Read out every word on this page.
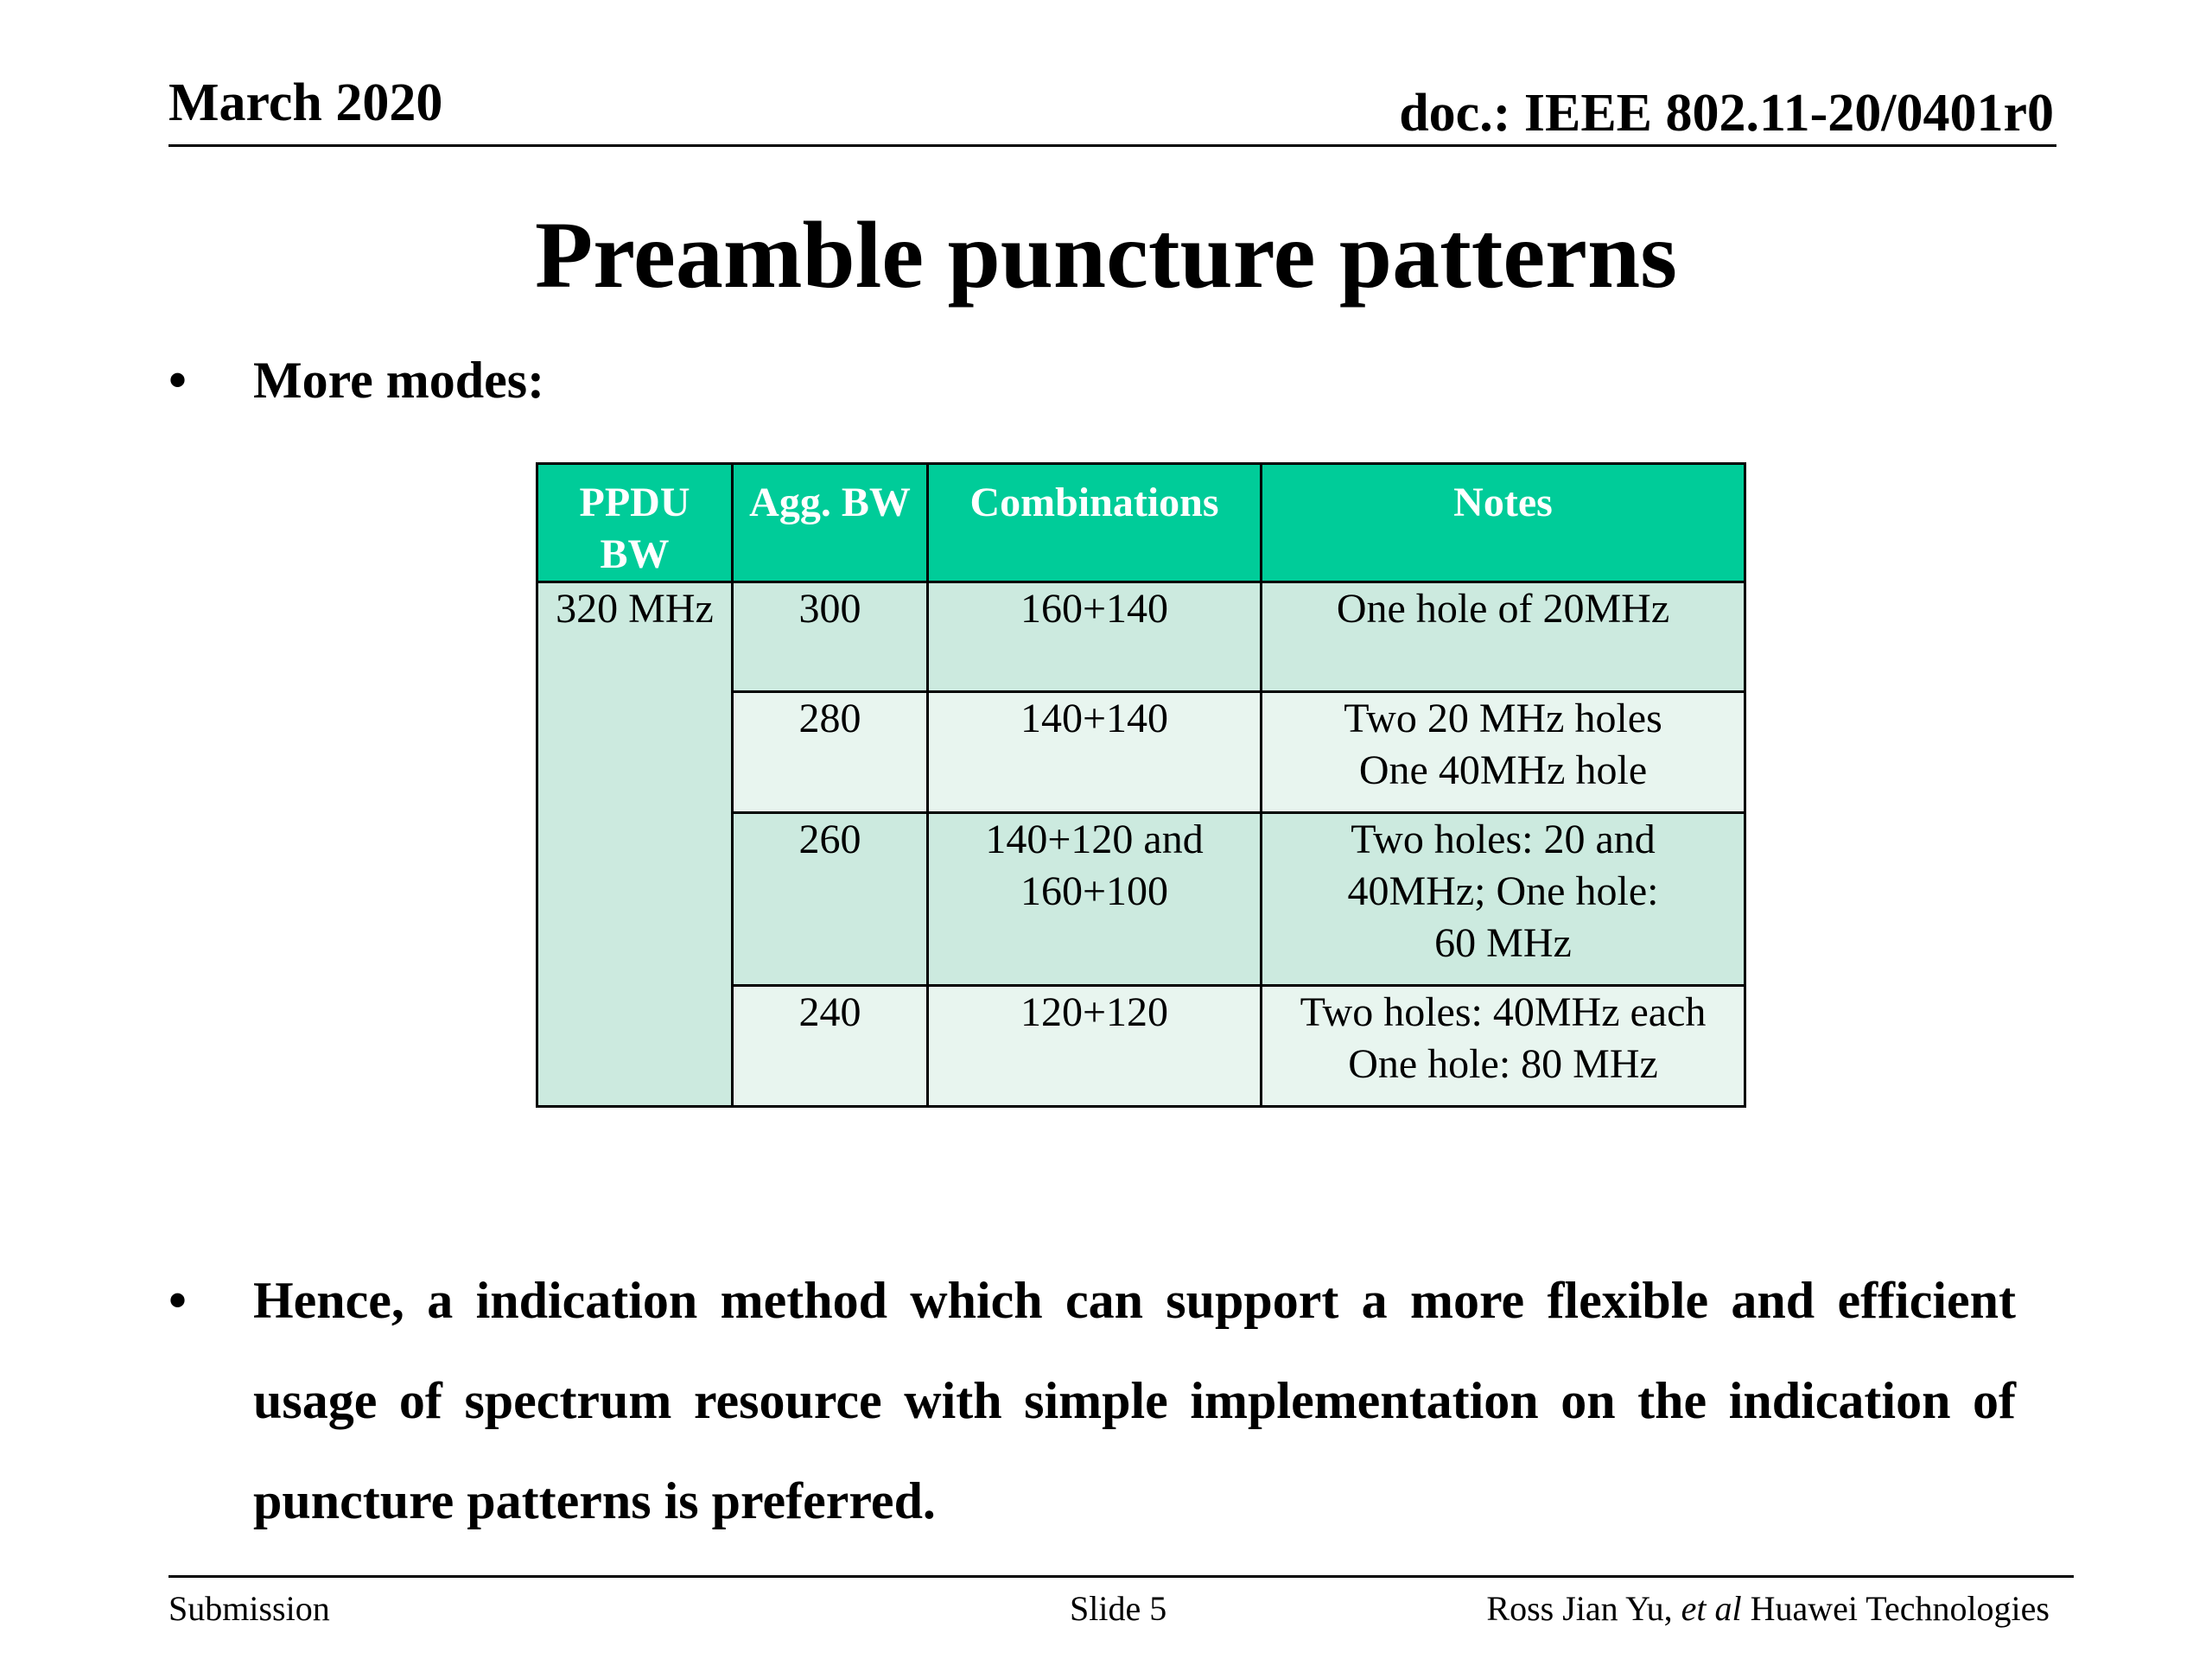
March 2020	doc.: IEEE 802.11-20/0401r0
Preamble puncture patterns
• More modes:
PPDU BW	Agg. BW	Combinations	Notes
320 MHz	300	160+140	One hole of 20MHz
	280	140+140	Two 20 MHz holes One 40MHz hole
	260	140+120 and 160+100	Two holes: 20 and 40MHz; One hole: 60 MHz
	240	120+120	Two holes: 40MHz each One hole: 80 MHz
• Hence, a indication method which can support a more flexible and efficient usage of spectrum resource with simple implementation on the indication of puncture patterns is preferred.
Submission	Slide 5	Ross Jian Yu, et al Huawei Technologies
